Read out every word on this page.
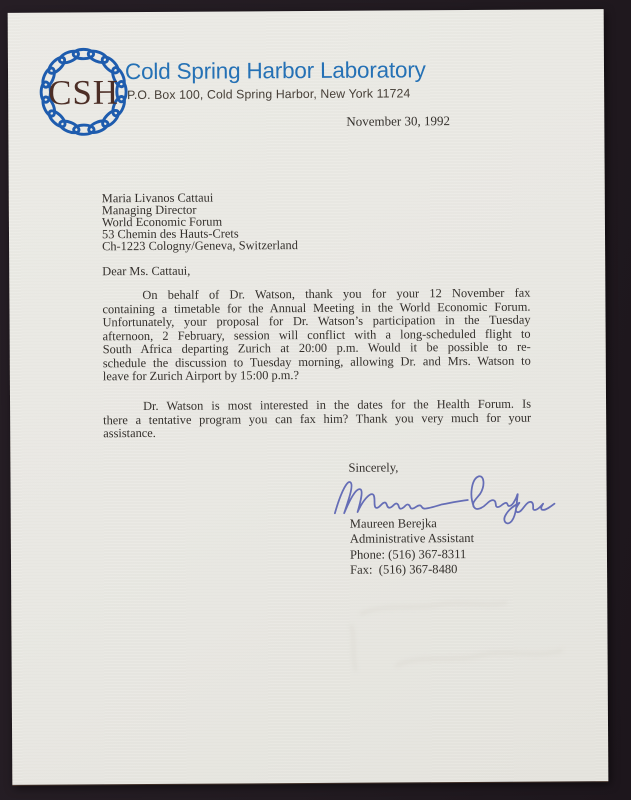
CSH
Cold Spring Harbor Laboratory
P.O. Box 100, Cold Spring Harbor, New York 11724
November 30, 1992
Maria Livanos Cattaui
Managing Director
World Economic Forum
53 Chemin des Hauts-Crets
Ch-1223 Cologny/Geneva, Switzerland
Dear Ms. Cattaui,
On behalf of Dr. Watson, thank you for your 12 November fax
containing a timetable for the Annual Meeting in the World Economic Forum.
Unfortunately, your proposal for Dr. Watson’s participation in the Tuesday
afternoon, 2 February, session will conflict with a long-scheduled flight to
South Africa departing Zurich at 20:00 p.m. Would it be possible to re-
schedule the discussion to Tuesday morning, allowing Dr. and Mrs. Watson to
leave for Zurich Airport by 15:00 p.m.?
Dr. Watson is most interested in the dates for the Health Forum. Is
there a tentative program you can fax him? Thank you very much for your
assistance.
Sincerely,
Maureen Berejka
Administrative Assistant
Phone: (516) 367-8311
Fax:  (516) 367-8480
